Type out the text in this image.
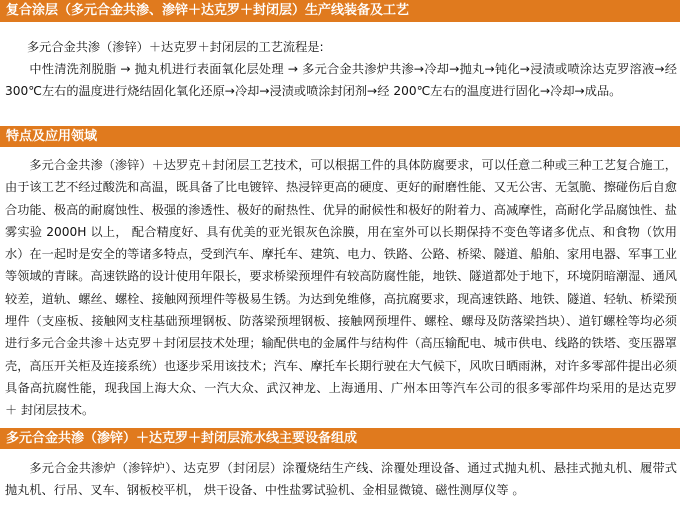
复合涂层（多元合金共渗、渗锌＋达克罗＋封闭层）生产线装备及工艺

多元合金共渗（渗锌）＋达克罗＋封闭层的工艺流程是:

中性清洗剂脱脂 → 抛丸机进行表面氧化层处理 → 多元合金共渗炉共渗→冷却→抛丸→钝化→浸渍或喷涂达克罗溶液→经 300℃左右的温度进行烧结固化氧化还原→冷却→浸渍或喷涂封闭剂→经 200℃左右的温度进行固化→冷却→成品。

特点及应用领域

多元合金共渗（渗锌）＋达罗克＋封闭层工艺技术，可以根据工件的具体防腐要求，可以任意二种或三种工艺复合施工，由于该工艺不经过酸洗和高温，既具备了比电镀锌、热浸锌更高的硬度、更好的耐磨性能、又无公害、无氢脆、擦碰伤后自愈合功能、极高的耐腐蚀性、极强的渗透性、极好的耐热性、优异的耐候性和极好的附着力、高减摩性，高耐化学品腐蚀性、盐雾实验 2000H 以上， 配合精度好、具有优美的亚光银灰色涂膜，用在室外可以长期保持不变色等诸多优点、和食物（饮用水）在一起时是安全的等诸多特点，受到汽车、摩托车、建筑、电力、铁路、公路、桥梁、隧道、船舶、家用电器、军事工业等领域的青睐。高速铁路的设计使用年限长，要求桥梁预埋件有较高防腐性能，地铁、隧道都处于地下，环境阴暗潮湿、通风较差，道轨、螺丝、螺栓、接触网预埋件等极易生锈。为达到免维修，高抗腐要求，现高速铁路、地铁、隧道、轻轨、桥梁预埋件（支座板、接触网支柱基础预埋钢板、防落梁预埋钢板、接触网预埋件、螺栓、螺母及防落梁挡块）、道钉螺栓等均必须进行多元合金共渗＋达克罗＋封闭层技术处理；输配供电的金属件与结构件（高压输配电、城市供电、线路的铁塔、变压器罩壳，高压开关柜及连接系统）也逐步采用该技术；汽车、摩托车长期行驶在大气候下，风吹日晒雨淋，对许多零部件提出必须具备高抗腐性能，现我国上海大众、一汽大众、武汉神龙、上海通用、广州本田等汽车公司的很多零部件均采用的是达克罗 ＋ 封闭层技术。

多元合金共渗（渗锌）＋达克罗＋封闭层流水线主要设备组成

多元合金共渗炉（渗锌炉）、达克罗（封闭层）涂覆烧结生产线、涂覆处理设备、通过式抛丸机、悬挂式抛丸机、履带式抛丸机、行吊、叉车、钢板校平机， 烘干设备、中性盐雾试验机、金相显微镜、磁性测厚仪等 。
